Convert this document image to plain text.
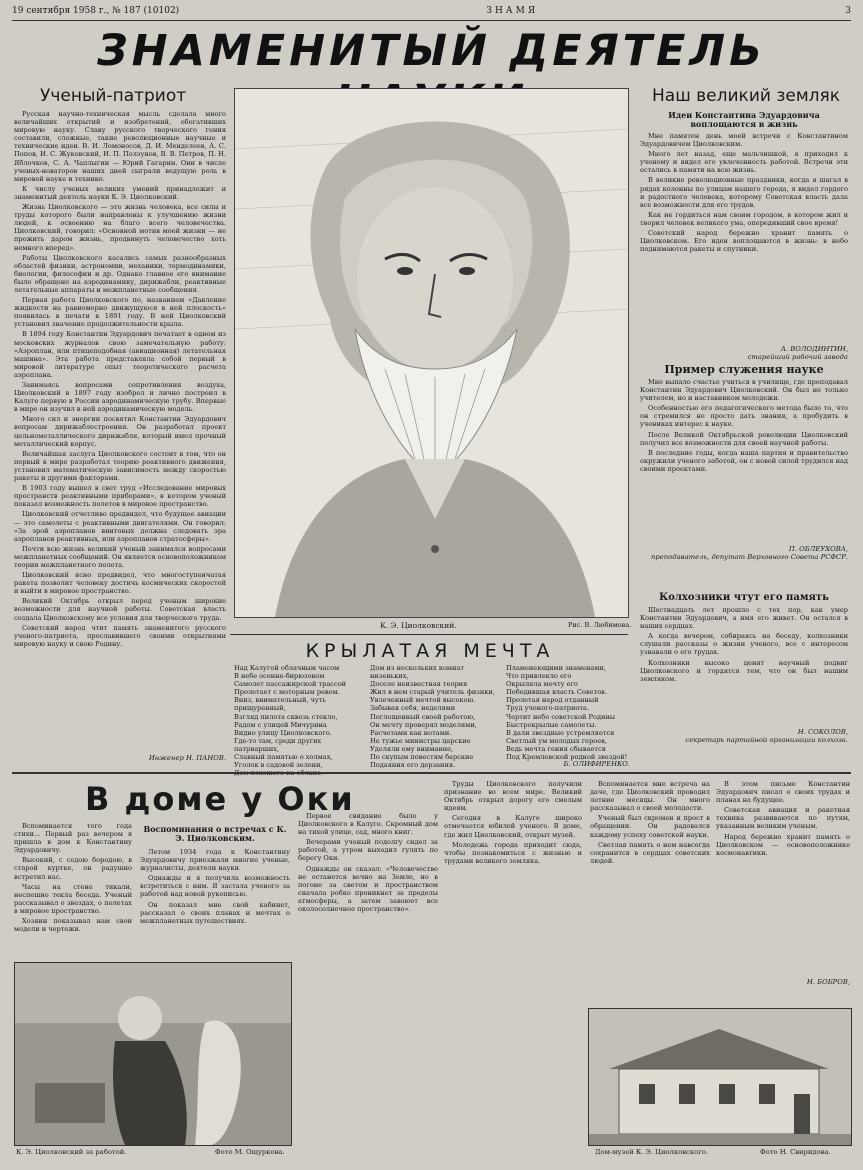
19 сентября 1958 г., № 187 (10102)	ЗНАМЯ	3
ЗНАМЕНИТЫЙ ДЕЯТЕЛЬ
Ученый-патриот

Русская научно-техническая мысль сделала много величайших открытий и изобретений, обогативших мировую науку. Славу русского творческого гения составили, сложные, такие революционные научные и технические идеи. В. И. Ломоносов, Д. И. Менделеев, А. С. Попов, И. С. Жуковский, И. П. Ползунов, В. В. Петров, П. Н. Яблочков, С. А. Чаплыгин — Юрий Гагарин. Они в числе ученых-новаторов наших дней сыграли ведущую роль в мировой науке и технике.

К числу ученых великих умений принадлежит и знаменитый деятель науки К. Э. Циолковский.

Жизнь Циолковского — это жизнь человека, все силы и труды которого были направлены к улучшению жизни людей, к освоению на благо всего человечества. Циолковский, говорил: «Основной мотив моей жизни — не прожить даром жизнь, продвинуть человечество хоть немного вперед».

Работы Циолковского касались самых разнообразных областей физики, астрономии, механики, термодинамики, биологии, философии и др. Однако главное его внимание было обращено на аэродинамику, дирижабли, реактивные летательные аппараты и межпланетные сообщения.

Первая работа Циолковского по, названием «Давление жидкости на равномерно движущуюся в ней плоскость» появилась в печати в 1891 году. В ней Циолковский установил значение продолжительности крыла.

В 1894 году Константин Эдуардович печатает в одном из московских журналов свою замечательную работу: «Аэроплан, или птицеподобная (авиационная) летательная машина». Эта работа представляла собой первый в мировой литературе опыт теоретического расчета аэроплана.

Занимаясь вопросами сопротивления воздуха, Циолковский в 1897 году изобрел и лично построил в Калуге первую в России аэродинамическую трубу. Впервые в мире он изучил в ней аэродинамическую модель.

Много сил и энергии посвятил Константин Эдуардович вопросам дирижаблестроения. Он разработал проект цельнометаллического дирижабля, который имел прочный металлический корпус.

Величайшая заслуга Циолковского состоит в том, что он первый в мире разработал теорию реактивного движения, установил математическую зависимость между скоростью ракеты и другими факторами.

В 1903 году вышел в свет труд «Исследование мировых пространств реактивными приборами», в котором ученый показал возможность полетов в мировое пространство.

Циолковский отчетливо предвидел, что будущее авиации — это самолеты с реактивными двигателями. Он говорил: «За эрой аэропланов винтовых должна следовать эра аэропланов реактивных, или аэропланов стратосферы».

Почти всю жизнь великий ученый занимался вопросами межпланетных сообщений. Он является основоположником теории межпланетного полета.

Циолковский ясно предвидел, что многоступенчатая ракета позволит человеку достичь космических скоростей и выйти в мировое пространство.

Великий Октябрь открыл перед ученым широкие возможности для научной работы. Советская власть создала Циолковскому все условия для творческого труда.

Советский народ чтит память знаменитого русского ученого-патриота, прославившего своими открытиями мировую науку и свою Родину.

Инженер Н. ПАНОВ.
К. Э. Циолковский.	Рис. В. Любимова.
Наш великий земляк
Идеи Константина Эдуардовича воплощаются в жизнь

Мне памятен день моей встречи с Константином Эдуардовичем Циолковским.

Много лет назад, еще мальчишкой, я приходил к ученому и видел его увлеченность работой. Встречи эти остались в памяти на всю жизнь.

В великие революционные праздники, когда я шагал в рядах колонны по улицам нашего города, я видел гордого и радостного человека, которому Советская власть дала все возможности для его трудов.

Как не гордиться нам своим городом, в котором жил и творил человек великого ума, опередивший свое время!

Советский народ бережно хранит память о Циолковском. Его идеи воплощаются в жизнь: в небо поднимаются ракеты и спутники.

А. ВОЛОДИНТИН,
старейший рабочий завода
Пример служения науке

Мне выпало счастье учиться в училище, где преподавал Константин Эдуардович Циолковский. Он был не только учителем, но и наставником молодежи.

Особенностью его педагогического метода было то, что он стремился не просто дать знания, а пробудить в учениках интерес к науке.

После Великой Октябрьской революции Циолковский получил все возможности для своей научной работы.

В последние годы, когда наша партия и правительство окружили ученого заботой, он с новой силой трудился над своими проектами.

П. ОБЛЕУХОВА,
преподаватель, депутат Верховного Совета РСФСР.
Колхозники чтут его память

Шестнадцать лет прошло с тех пор, как умер Константин Эдуардович, а имя его живет. Он остался в наших сердцах.

А когда вечером, собираясь на беседу, колхозники слушали рассказы о жизни ученого, все с интересом узнавали о его трудах.

Колхозники высоко ценят научный подвиг Циолковского и гордятся тем, что он был нашим земляком.

Н. СОКОЛОВ,
секретарь партийной организации колхоза.
КРЫЛАТАЯ МЕЧТА
Над Калугой облачным часом
В небе осенне-бирюзовом
Самолет пассажирской трассой
Пролетает с моторным ревом.
Вниз, внимательный, чуть прищуренный,
Взгляд пилота сквозь стекло,
Радом с улицей Мичурина
Видно улицу Циолковского.
Где-то там, среди других патриарших,
Славный памятью о холмах,
Уголок в садовой зелени,
Дом из нескольких комнат низеньких,
Доселе неизвестная теория
Жил в нем старый учитель физики,
Увлеченный мечтой высокою.
Забывая себя, неделями
Поглощенный своей работою,
Он мечту проверял моделями,
Расчетами как нотами.
Не тужье министры царские
Уделяли ему внимание,
По скупым повестям барские
Подаяния его дерзания.
Пламенеющими знаменами,
Что привлекло его
Окрыляла мечту его
Победившая власть Советов.
Пролетая народ отданный
Труд ученого-патриота.
Чертит небо советской Родины
Быстрокрылые самолеты.
В дали звездные устремляется
Светлый ум молодых героев,
Ведь мечта гения сбывается
Под Кремлевской родной звездой!
Б. ОЛИФИРЕНКО.
В доме у Оки

Вспоминается того года стихи... Первый раз вечером я пришла в дом к Константину Эдуардовичу.

Высокий, с седою бородою, в старой куртке, он радушно встретил нас.

Часы на стене тикали, неспешно текла беседа. Ученый рассказывал о звездах, о полетах в мировое пространство.

Хозяин показывал нам свои модели и чертежи.

Воспоминания о встречах с К. Э. Циолковским.

Летом 1934 года к Константину Эдуардовичу приезжали многие ученые, журналисты, деятели науки.

Однажды и я получила возможность встретиться с ним. Я застала ученого за работой над новой рукописью.

Он показал мне свой кабинет, рассказал о своих планах и мечтах о межпланетных путешествиях.

Первое свидание было у Циолковского в Калуге. Скромный дом на тихой улице, сад, много книг.

Вечерами ученый подолгу сидел за работой, а утром выходил гулять по берегу Оки.

Однажды он сказал: «Человечество не останется вечно на Земле, но в погоне за светом и пространством сначала робко проникнет за пределы атмосферы, а затем завоюет все околосолнечное пространство».

Труды Циолковского получили признание во всем мире. Великий Октябрь открыл дорогу его смелым идеям.

Сегодня в Калуге широко отмечается юбилей ученого. В доме, где жил Циолковский, открыт музей.

Молодежь города приходит сюда, чтобы познакомиться с жизнью и трудами великого земляка.

Вспоминается мне встреча на даче, где Циолковский проводил летние месяцы. Он много рассказывал о своей молодости.

Ученый был скромен и прост в обращении. Он радовался каждому успеху советской науки.

Светлая память о нем навсегда сохранится в сердцах советских людей.

В этом письме Константин Эдуардович писал о своих трудах и планах на будущее.

Советская авиация и ракетная техника развиваются по путям, указанным великим ученым.

Народ бережно хранит память о Циолковском — основоположнике космонавтики.

Н. БОБРОВ,
К. Э. Циолковский за работой.	Фото М. Ощуркова.	Дом-музей К. Э. Циолковского.	Фото Н. Свиридова.
